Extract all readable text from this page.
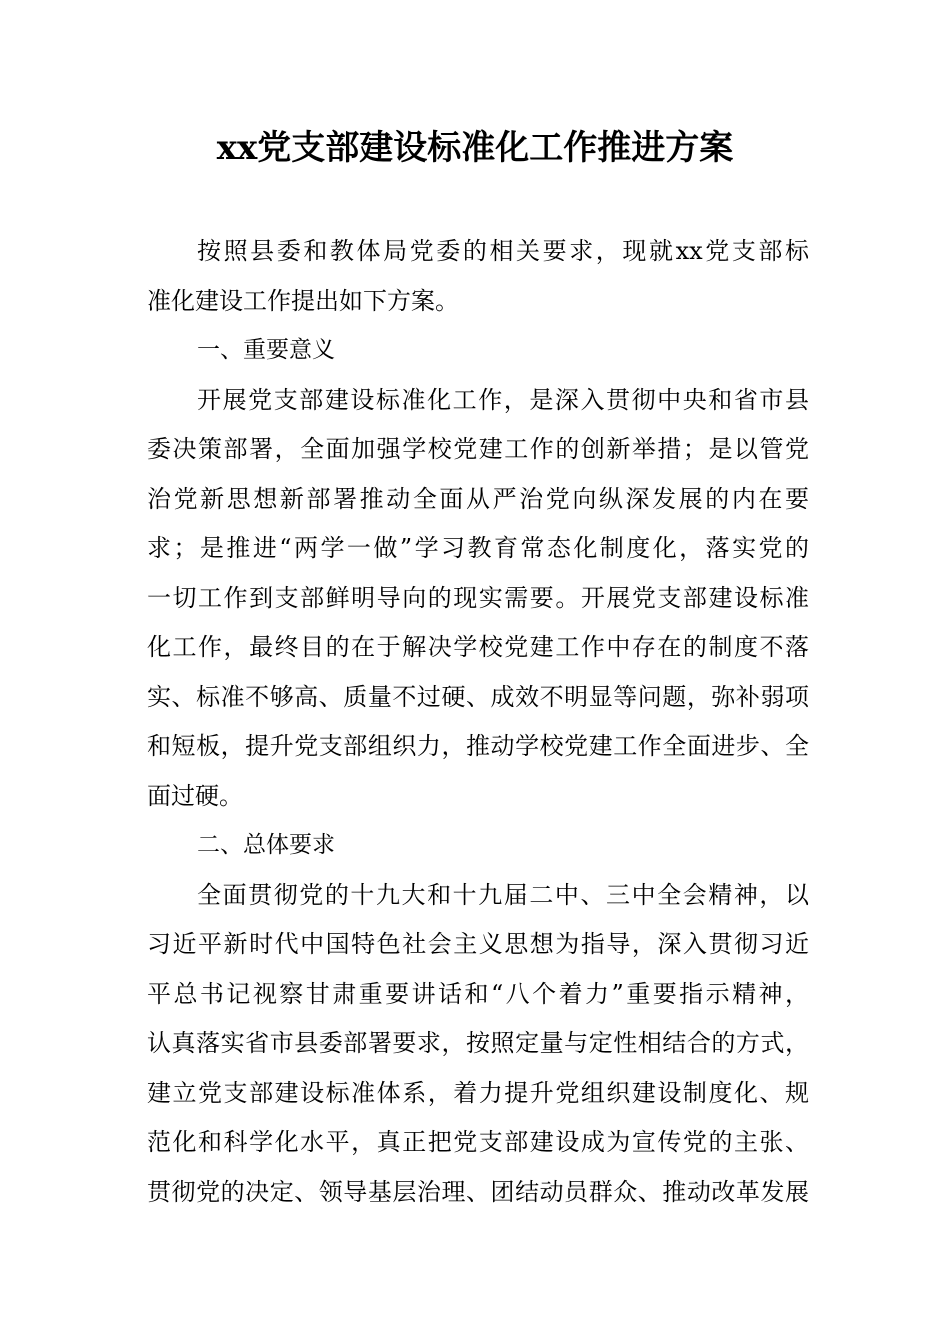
xx党支部建设标准化工作推进方案
按照县委和教体局党委的相关要求，现就xx党支部标
准化建设工作提出如下方案。
一、重要意义
开展党支部建设标准化工作，是深入贯彻中央和省市县
委决策部署，全面加强学校党建工作的创新举措；是以管党
治党新思想新部署推动全面从严治党向纵深发展的内在要
求；是推进“两学一做”学习教育常态化制度化，落实党的
一切工作到支部鲜明导向的现实需要。开展党支部建设标准
化工作，最终目的在于解决学校党建工作中存在的制度不落
实、标准不够高、质量不过硬、成效不明显等问题，弥补弱项
和短板，提升党支部组织力，推动学校党建工作全面进步、全
面过硬。
二、总体要求
全面贯彻党的十九大和十九届二中、三中全会精神，以
习近平新时代中国特色社会主义思想为指导，深入贯彻习近
平总书记视察甘肃重要讲话和“八个着力”重要指示精神，
认真落实省市县委部署要求，按照定量与定性相结合的方式，
建立党支部建设标准体系，着力提升党组织建设制度化、规
范化和科学化水平，真正把党支部建设成为宣传党的主张、
贯彻党的决定、领导基层治理、团结动员群众、推动改革发展
